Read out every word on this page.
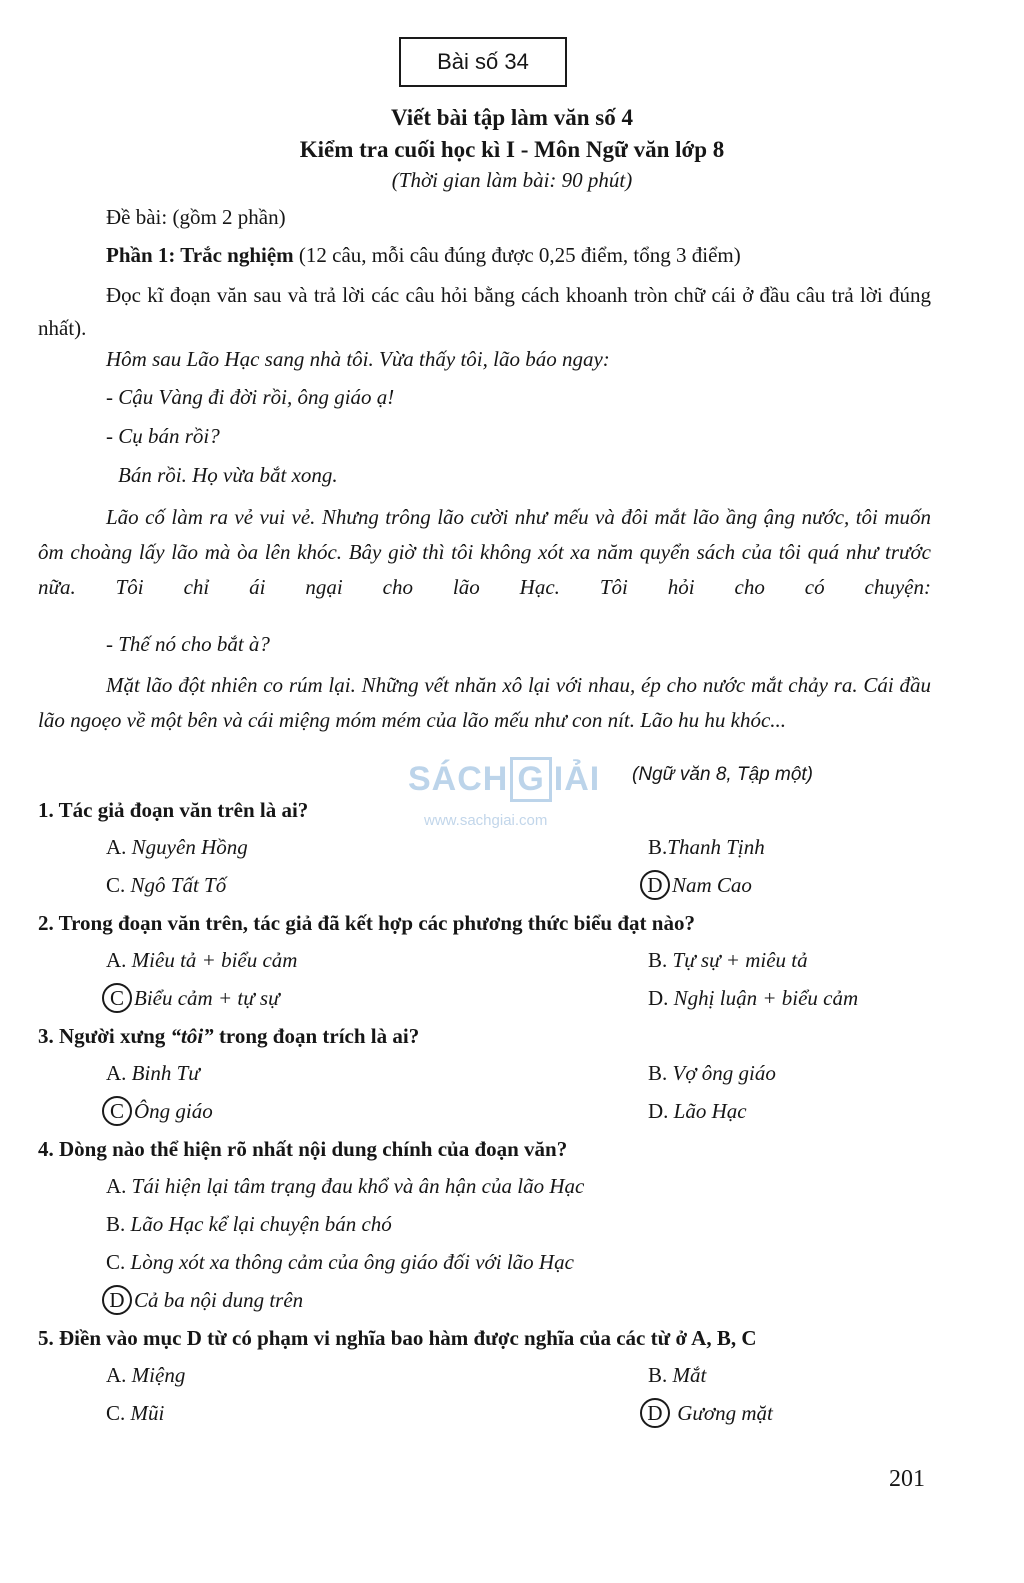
Bài số 34
Viết bài tập làm văn số 4
Kiểm tra cuối học kì I - Môn Ngữ văn lớp 8
(Thời gian làm bài: 90 phút)
Đề bài: (gồm 2 phần)
Phần 1: Trắc nghiệm (12 câu, mỗi câu đúng được 0,25 điểm, tổng 3 điểm)
Đọc kĩ đoạn văn sau và trả lời các câu hỏi bằng cách khoanh tròn chữ cái ở đầu câu trả lời đúng nhất).
Hôm sau Lão Hạc sang nhà tôi. Vừa thấy tôi, lão báo ngay:
- Cậu Vàng đi đời rồi, ông giáo ạ!
- Cụ bán rồi?
Bán rồi. Họ vừa bắt xong.
Lão cố làm ra vẻ vui vẻ. Nhưng trông lão cười như mếu và đôi mắt lão ầng ậng nước, tôi muốn ôm choàng lấy lão mà òa lên khóc. Bây giờ thì tôi không xót xa năm quyển sách của tôi quá như trước nữa. Tôi chỉ ái ngại cho lão Hạc. Tôi hỏi cho có chuyện:
- Thế nó cho bắt à?
Mặt lão đột nhiên co rúm lại. Những vết nhăn xô lại với nhau, ép cho nước mắt chảy ra. Cái đầu lão ngoẹo về một bên và cái miệng móm mém của lão mếu như con nít. Lão hu hu khóc...
SÁCH G IẢI
www.sachgiai.com
(Ngữ văn 8, Tập một)
1. Tác giả đoạn văn trên là ai?
A. Nguyên Hồng	B.Thanh Tịnh
C. Ngô Tất Tố	D Nam Cao
2. Trong đoạn văn trên, tác giả đã kết hợp các phương thức biểu đạt nào?
A. Miêu tả + biểu cảm	B. Tự sự + miêu tả
C Biểu cảm + tự sự	D. Nghị luận + biểu cảm
3. Người xưng “tôi” trong đoạn trích là ai?
A. Binh Tư	B. Vợ ông giáo
C Ông giáo	D. Lão Hạc
4. Dòng nào thể hiện rõ nhất nội dung chính của đoạn văn?
A. Tái hiện lại tâm trạng đau khổ và ân hận của lão Hạc
B. Lão Hạc kể lại chuyện bán chó
C. Lòng xót xa thông cảm của ông giáo đối với lão Hạc
D Cả ba nội dung trên
5. Điền vào mục D từ có phạm vi nghĩa bao hàm được nghĩa của các từ ở A, B, C
A. Miệng	B. Mắt
C. Mũi	D Gương mặt
201
